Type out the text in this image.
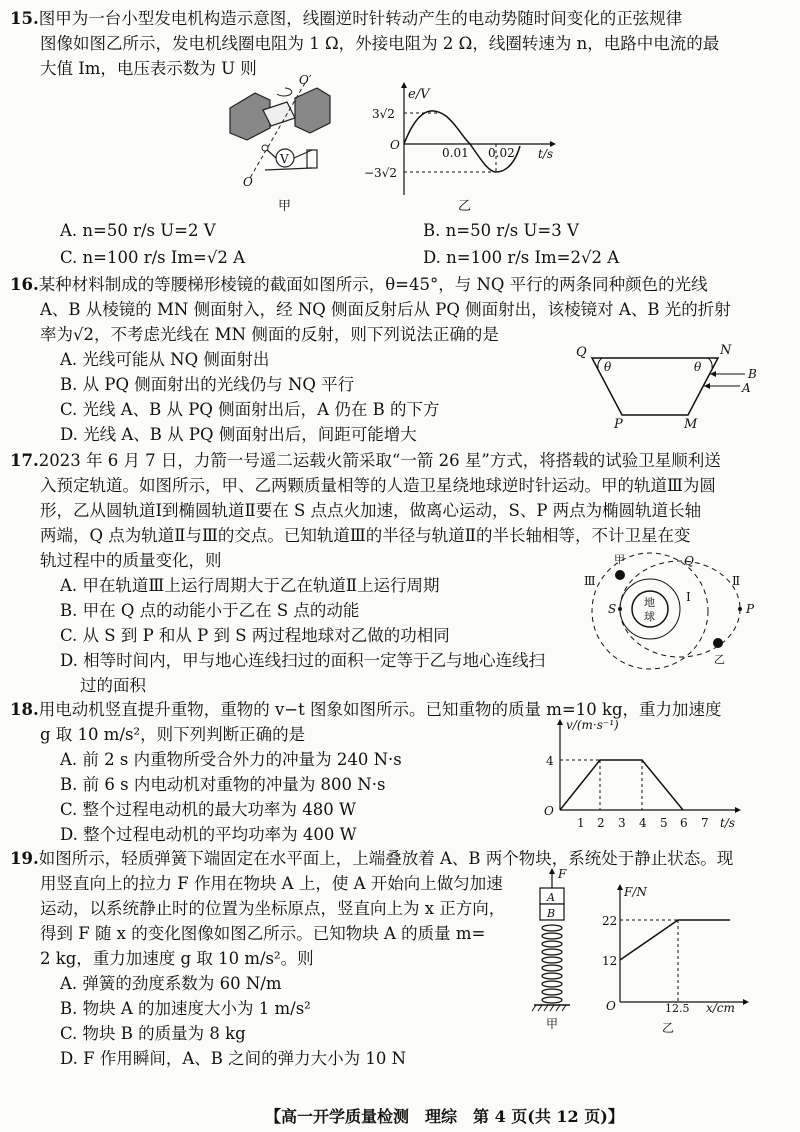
15.图甲为一台小型发电机构造示意图，线圈逆时针转动产生的电动势随时间变化的正弦规律
图像如图乙所示，发电机线圈电阻为 1 Ω，外接电阻为 2 Ω，线圈转速为 n，电路中电流的最
大值 Im，电压表示数为 U 则
O′
O
V
甲
e/V
3√2
O
−3√2
0.01 0.02 t/s
乙
A. n=50 r/s U=2 V	B. n=50 r/s U=3 V
C. n=100 r/s Im=√2 A	D. n=100 r/s Im=2√2 A
16.某种材料制成的等腰梯形棱镜的截面如图所示，θ=45°，与 NQ 平行的两条同种颜色的光线
A、B 从棱镜的 MN 侧面射入，经 NQ 侧面反射后从 PQ 侧面射出，该棱镜对 A、B 光的折射
率为√2，不考虑光线在 MN 侧面的反射，则下列说法正确的是
A. 光线可能从 NQ 侧面射出
B. 从 PQ 侧面射出的光线仍与 NQ 平行
C. 光线 A、B 从 PQ 侧面射出后，A 仍在 B 的下方
D. 光线 A、B 从 PQ 侧面射出后，间距可能增大
Q	N
P	M
θ	θ	B
A
17.2023 年 6 月 7 日，力箭一号遥二运载火箭采取“一箭 26 星”方式，将搭载的试验卫星顺利送
入预定轨道。如图所示，甲、乙两颗质量相等的人造卫星绕地球逆时针运动。甲的轨道Ⅲ为圆
形，乙从圆轨道Ⅰ到椭圆轨道Ⅱ要在 S 点点火加速，做离心运动，S、P 两点为椭圆轨道长轴
两端，Q 点为轨道Ⅱ与Ⅲ的交点。已知轨道Ⅲ的半径与轨道Ⅱ的半长轴相等，不计卫星在变
轨过程中的质量变化，则
A. 甲在轨道Ⅲ上运行周期大于乙在轨道Ⅱ上运行周期
B. 甲在 Q 点的动能小于乙在 S 点的动能
C. 从 S 到 P 和从 P 到 S 两过程地球对乙做的功相同
D. 相等时间内，甲与地心连线扫过的面积一定等于乙与地心连线扫
过的面积
地
球
甲
乙
Ⅲ	Ⅱ
Ⅰ
Q
S	P
18.用电动机竖直提升重物，重物的 v−t 图象如图所示。已知重物的质量 m=10 kg，重力加速度
g 取 10 m/s²，则下列判断正确的是
A. 前 2 s 内重物所受合外力的冲量为 240 N·s
B. 前 6 s 内电动机对重物的冲量为 800 N·s
C. 整个过程电动机的最大功率为 480 W
D. 整个过程电动机的平均功率为 400 W
v/(m·s⁻¹)
4
O
1 2 3 4 5 6 7 t/s
19.如图所示，轻质弹簧下端固定在水平面上，上端叠放着 A、B 两个物块，系统处于静止状态。现
用竖直向上的拉力 F 作用在物块 A 上，使 A 开始向上做匀加速
运动，以系统静止时的位置为坐标原点，竖直向上为 x 正方向，
得到 F 随 x 的变化图像如图乙所示。已知物块 A 的质量 m=
2 kg，重力加速度 g 取 10 m/s²。则
A. 弹簧的劲度系数为 60 N/m
B. 物块 A 的加速度大小为 1 m/s²
C. 物块 B 的质量为 8 kg
D. F 作用瞬间，A、B 之间的弹力大小为 10 N
F
A
B
甲
F/N
22
12
O	12.5 x/cm
乙
【高一开学质量检测　理综　第 4 页(共 12 页)】
